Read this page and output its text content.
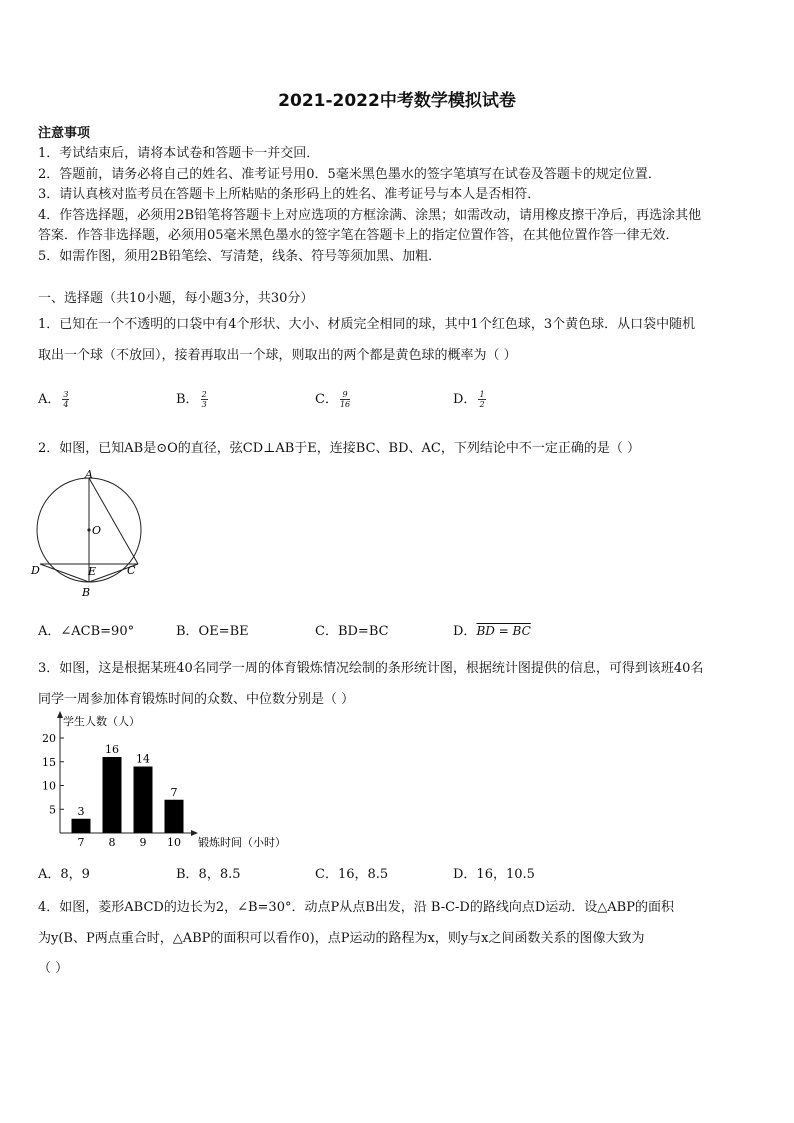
2021-2022中考数学模拟试卷
注意事项
1．考试结束后，请将本试卷和答题卡一并交回．
2．答题前，请务必将自己的姓名、准考证号用0．5毫米黑色墨水的签字笔填写在试卷及答题卡的规定位置．
3．请认真核对监考员在答题卡上所粘贴的条形码上的姓名、准考证号与本人是否相符．
4．作答选择题，必须用2B铅笔将答题卡上对应选项的方框涂满、涂黑；如需改动，请用橡皮擦干净后，再选涂其他
答案．作答非选择题，必须用05毫米黑色墨水的签字笔在答题卡上的指定位置作答，在其他位置作答一律无效．
5．如需作图，须用2B铅笔绘、写清楚，线条、符号等须加黑、加粗．
一、选择题（共10小题，每小题3分，共30分）
1．已知在一个不透明的口袋中有4个形状、大小、材质完全相同的球，其中1个红色球，3个黄色球．从口袋中随机
取出一个球（不放回），接着再取出一个球，则取出的两个都是黄色球的概率为（ ）
A． $\frac{3}{4}$	B． $\frac{2}{3}$	C． $\frac{9}{16}$	D． $\frac{1}{2}$
2．如图，已知AB是⊙O的直径，弦CD⊥AB于E，连接BC、BD、AC，下列结论中不一定正确的是（ ）
A
O
D	E	C
B
A．∠ACB=90°	B．OE=BE	C．BD=BC	D．BD = BC
3．如图，这是根据某班40名同学一周的体育锻炼情况绘制的条形统计图，根据统计图提供的信息，可得到该班40名
同学一周参加体育锻炼时间的众数、中位数分别是（ ）
学生人数（人）
锻炼时间（小时）
5
10
15
20
3
7
16
8
14
9
7
10
A．8，9	B．8，8.5	C．16，8.5	D．16，10.5
4．如图，菱形ABCD的边长为2，∠B=30°．动点P从点B出发，沿 B-C-D的路线向点D运动．设△ABP的面积
为y(B、P两点重合时，△ABP的面积可以看作0)，点P运动的路程为x，则y与x之间函数关系的图像大致为
（ ）
